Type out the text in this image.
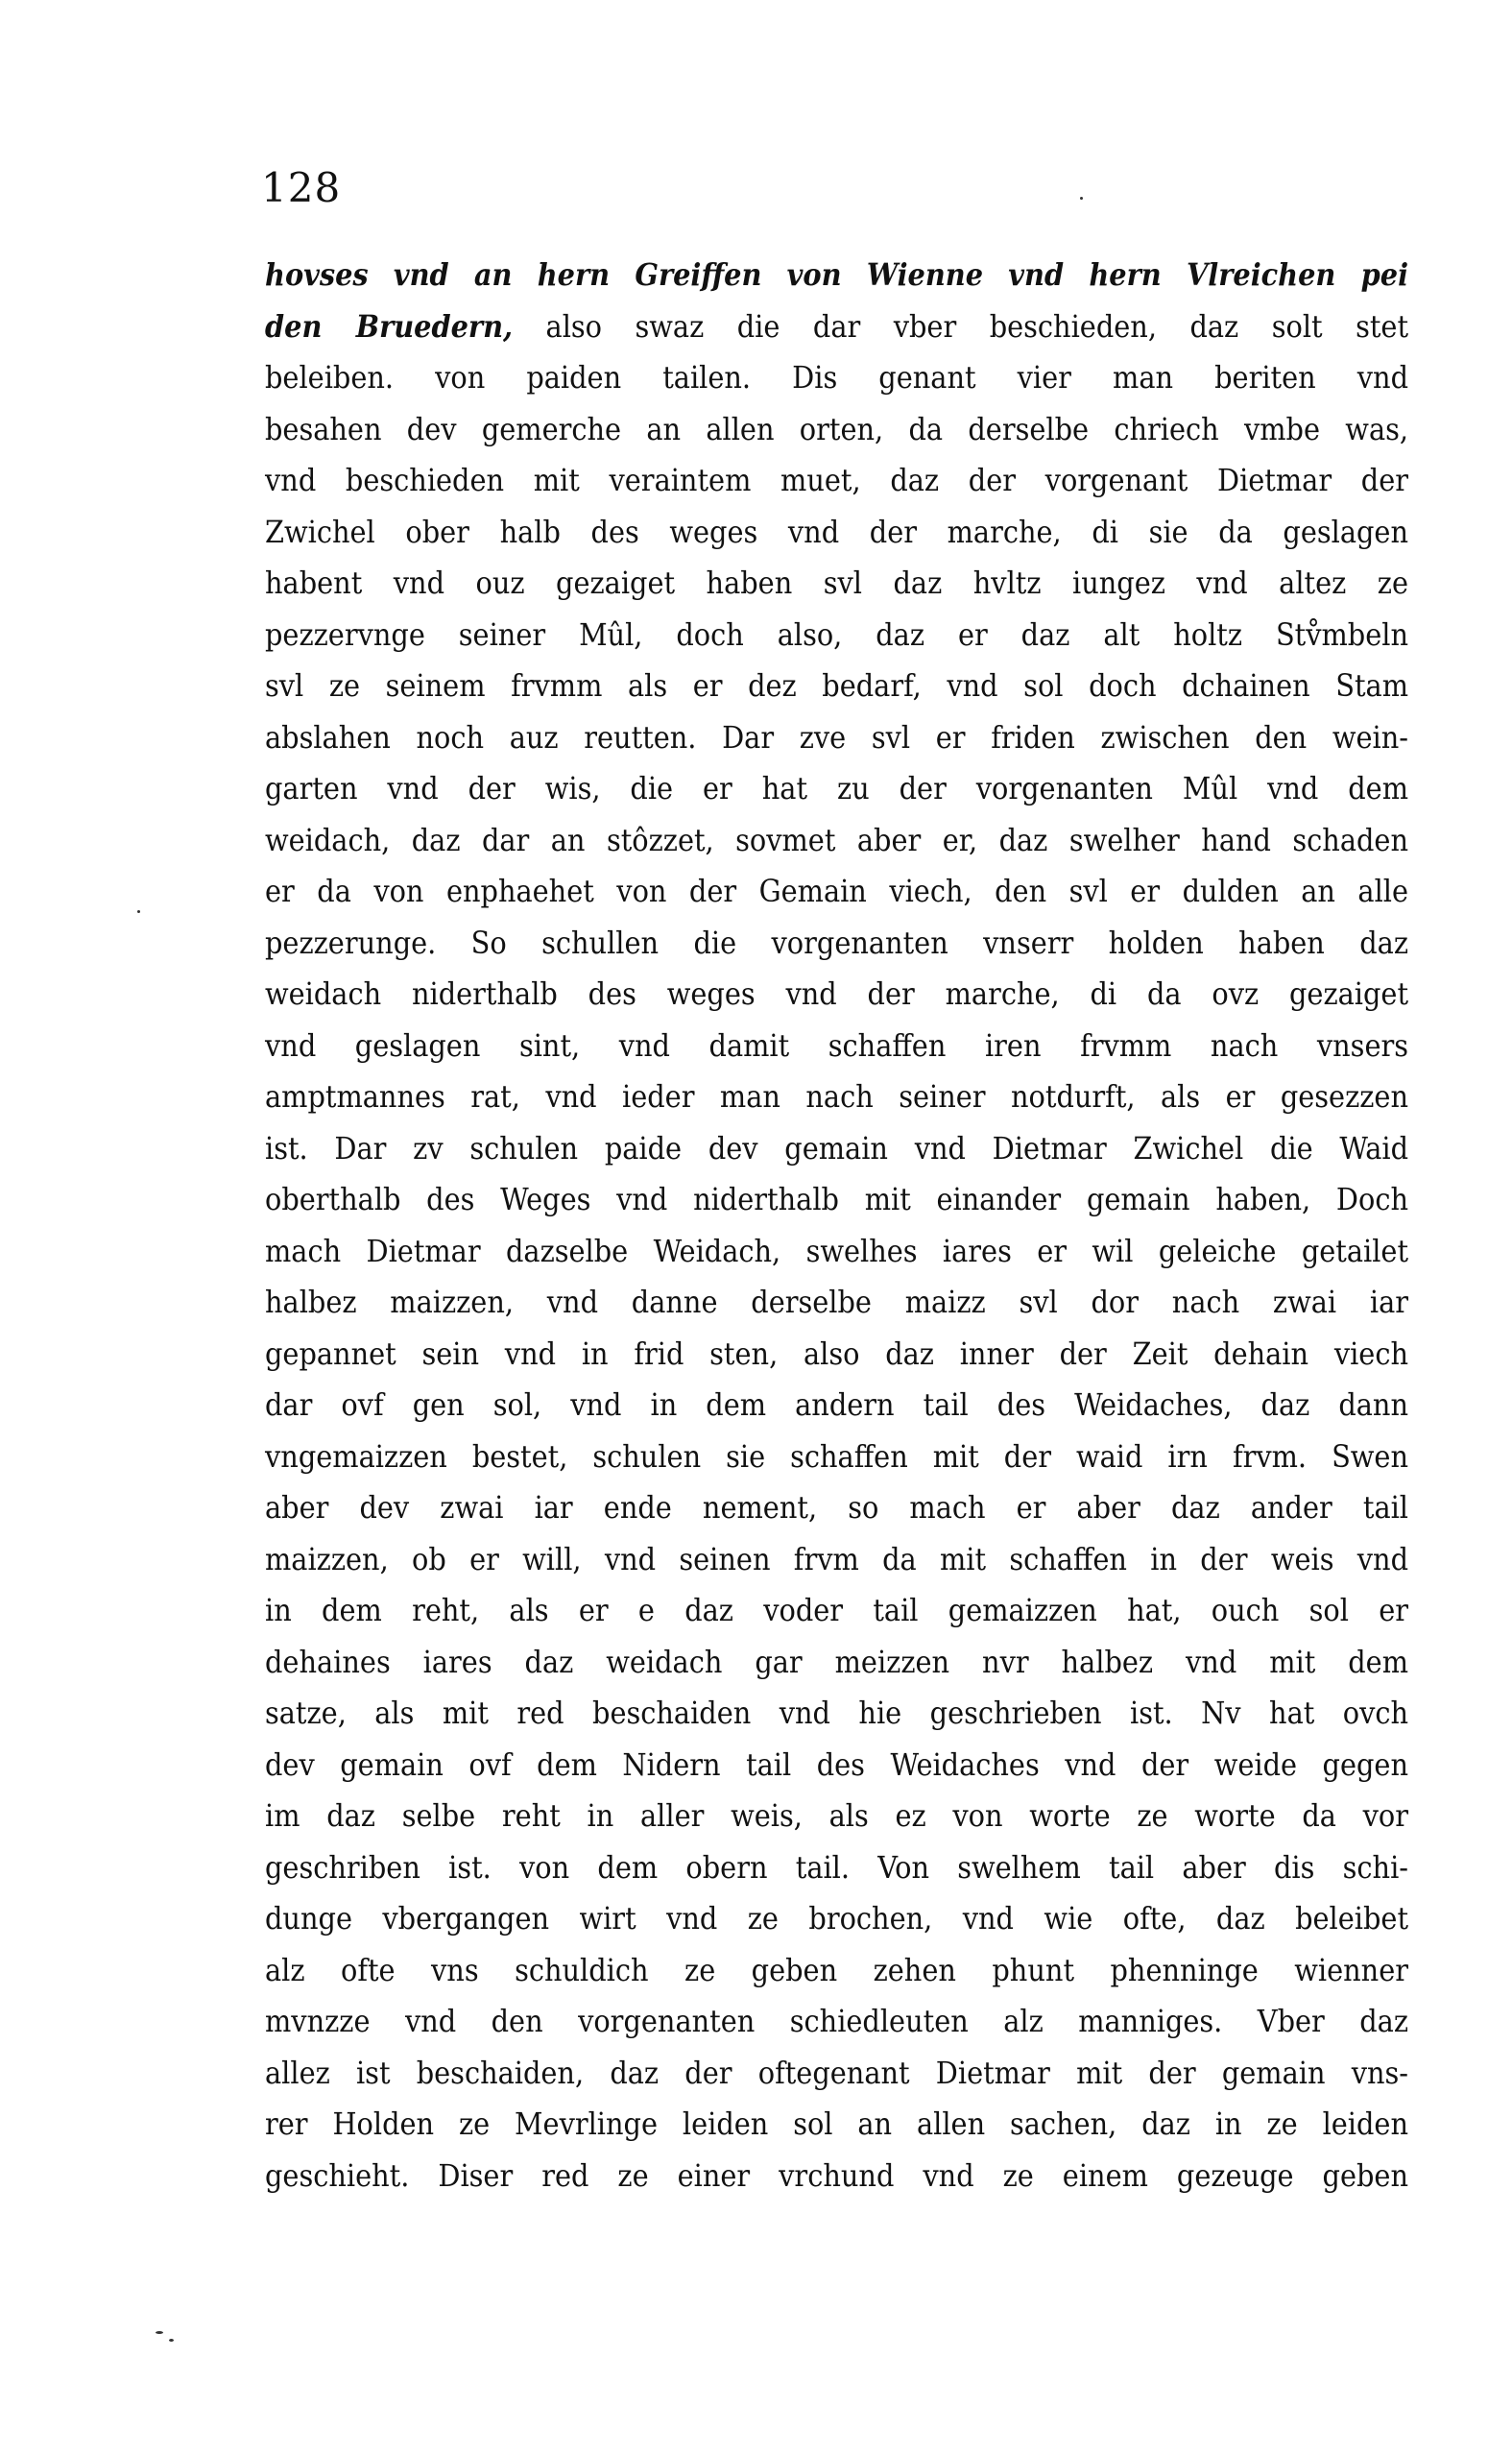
128
hovses vnd an hern Greiffen von Wienne vnd hern Vlreichen pei
den Bruedern, also swaz die dar vber beschieden, daz solt stet
beleiben. von paiden tailen. Dis genant vier man beriten vnd
besahen dev gemerche an allen orten, da derselbe chriech vmbe was,
vnd beschieden mit veraintem muet, daz der vorgenant Dietmar der
Zwichel ober halb des weges vnd der marche, di sie da geslagen
habent vnd ouz gezaiget haben svl daz hvltz iungez vnd altez ze
pezzervnge seiner Mûl, doch also, daz er daz alt holtz Stv̊mbeln
svl ze seinem frvmm als er dez bedarf, vnd sol doch dchainen Stam
abslahen noch auz reutten. Dar zve svl er friden zwischen den wein-
garten vnd der wis, die er hat zu der vorgenanten Mûl vnd dem
weidach, daz dar an stôzzet, sovmet aber er, daz swelher hand schaden
er da von enphaehet von der Gemain viech, den svl er dulden an alle
pezzerunge. So schullen die vorgenanten vnserr holden haben daz
weidach niderthalb des weges vnd der marche, di da ovz gezaiget
vnd geslagen sint, vnd damit schaffen iren frvmm nach vnsers
amptmannes rat, vnd ieder man nach seiner notdurft, als er gesezzen
ist. Dar zv schulen paide dev gemain vnd Dietmar Zwichel die Waid
oberthalb des Weges vnd niderthalb mit einander gemain haben, Doch
mach Dietmar dazselbe Weidach, swelhes iares er wil geleiche getailet
halbez maizzen, vnd danne derselbe maizz svl dor nach zwai iar
gepannet sein vnd in frid sten, also daz inner der Zeit dehain viech
dar ovf gen sol, vnd in dem andern tail des Weidaches, daz dann
vngemaizzen bestet, schulen sie schaffen mit der waid irn frvm. Swen
aber dev zwai iar ende nement, so mach er aber daz ander tail
maizzen, ob er will, vnd seinen frvm da mit schaffen in der weis vnd
in dem reht, als er e daz voder tail gemaizzen hat, ouch sol er
dehaines iares daz weidach gar meizzen nvr halbez vnd mit dem
satze, als mit red beschaiden vnd hie geschrieben ist. Nv hat ovch
dev gemain ovf dem Nidern tail des Weidaches vnd der weide gegen
im daz selbe reht in aller weis, als ez von worte ze worte da vor
geschriben ist. von dem obern tail. Von swelhem tail aber dis schi-
dunge vbergangen wirt vnd ze brochen, vnd wie ofte, daz beleibet
alz ofte vns schuldich ze geben zehen phunt phenninge wienner
mvnzze vnd den vorgenanten schiedleuten alz manniges. Vber daz
allez ist beschaiden, daz der oftegenant Dietmar mit der gemain vns-
rer Holden ze Mevrlinge leiden sol an allen sachen, daz in ze leiden
geschieht. Diser red ze einer vrchund vnd ze einem gezeuge geben
